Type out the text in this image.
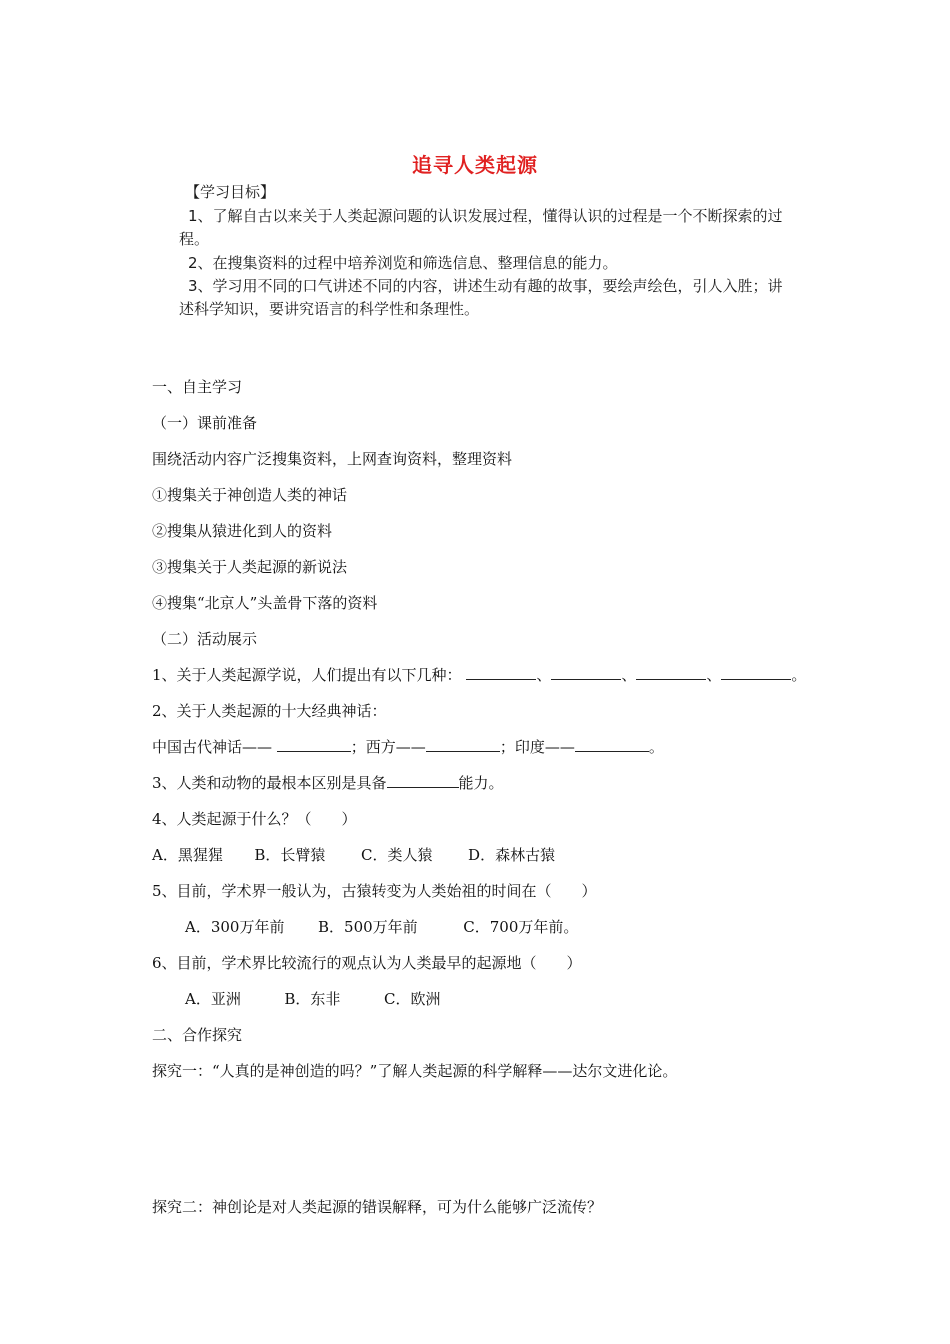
追寻人类起源
【学习目标】
1、了解自古以来关于人类起源问题的认识发展过程，懂得认识的过程是一个不断探索的过
程。
2、在搜集资料的过程中培养浏览和筛选信息、整理信息的能力。
3、学习用不同的口气讲述不同的内容，讲述生动有趣的故事，要绘声绘色，引人入胜；讲
述科学知识，要讲究语言的科学性和条理性。
一、自主学习
（一）课前准备
围绕活动内容广泛搜集资料，上网查询资料，整理资料
①搜集关于神创造人类的神话
②搜集从猿进化到人的资料
③搜集关于人类起源的新说法
④搜集“北京人”头盖骨下落的资料
（二）活动展示
1、关于人类起源学说，人们提出有以下几种：	、	、	、	。
2、关于人类起源的十大经典神话：
中国古代神话——	；西方——	；印度——	。
3、人类和动物的最根本区别是具备	能力。
4、人类起源于什么？（　　）
A．黑猩猩 B．长臂猿 C．类人猿 D．森林古猿
5、目前，学术界一般认为，古猿转变为人类始祖的时间在（　　）
A．300万年前 B．500万年前	C．700万年前。
6、目前，学术界比较流行的观点认为人类最早的起源地（　　）
A．亚洲	B．东非	C．欧洲
二、合作探究
探究一：“人真的是神创造的吗？”了解人类起源的科学解释——达尔文进化论。
探究二：神创论是对人类起源的错误解释，可为什么能够广泛流传？
